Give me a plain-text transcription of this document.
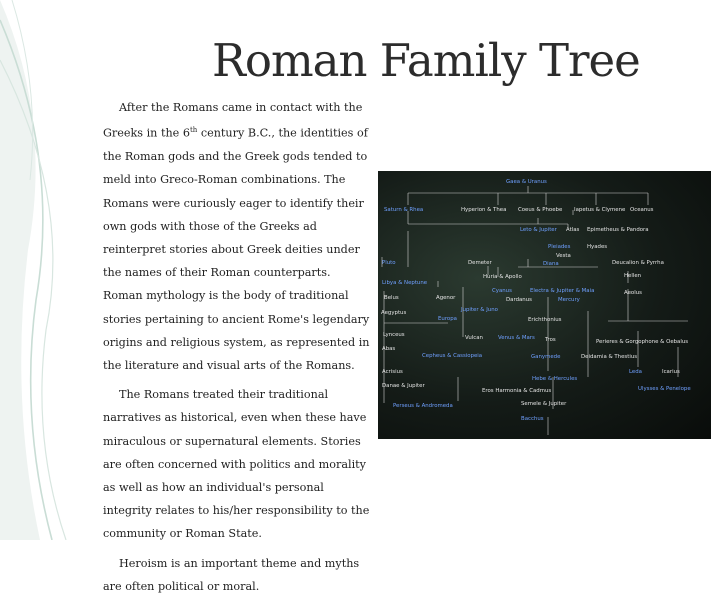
Roman Family Tree

After the Romans came in contact with the Greeks in the 6th century B.C., the identities of the Roman gods and the Greek gods tended to meld into Greco-Roman combinations. The Romans were curiously eager to identify their own gods with those of the Greeks ad reinterpret stories about Greek deities under the names of their Roman counterparts. Roman mythology is the body of traditional stories pertaining to ancient Rome's legendary origins and religious system, as represented in the literature and visual arts of the Romans.

The Romans treated their traditional narratives as historical, even when these have miraculous or supernatural elements. Stories are often concerned with politics and morality as well as how an individual's personal integrity relates to his/her responsibility to the community or Roman State.

Heroism is an important theme and myths are often political or moral.

Gaea & Uranus
Saturn & Rhea	Hyperion & Thea Coeus & Phoebe Iapetus & Clymene Oceanus
Leto & Jupiter Atlas Epimetheus & Pandora
Pleiades	Hyades
Vesta
Pluto	Demeter	Diana	Deucalion & Pyrrha
Libya & Neptune
Huria & Apollo	Hellen
Cyanus	Electra & Jupiter & Maia	Aeolus
Belus	Agenor	Dardanus	Mercury
Jupiter & Juno
Aegyptus
Europa	Erichthonius
Lynceus	Vulcan	Venus & Mars Tros	Perieres & Gorgophone & Oebalus
Abas
Cepheus & Cassiopeia	Ganymede	Deidamia & Thestius
Acrisius
Hebe & Hercules
Leda	Icarius
Danae & Jupiter
Eros Harmonia & Cadmus	Ulysses & Penelope
Perseus & Andromeda	Semele & Jupiter
Bacchus
